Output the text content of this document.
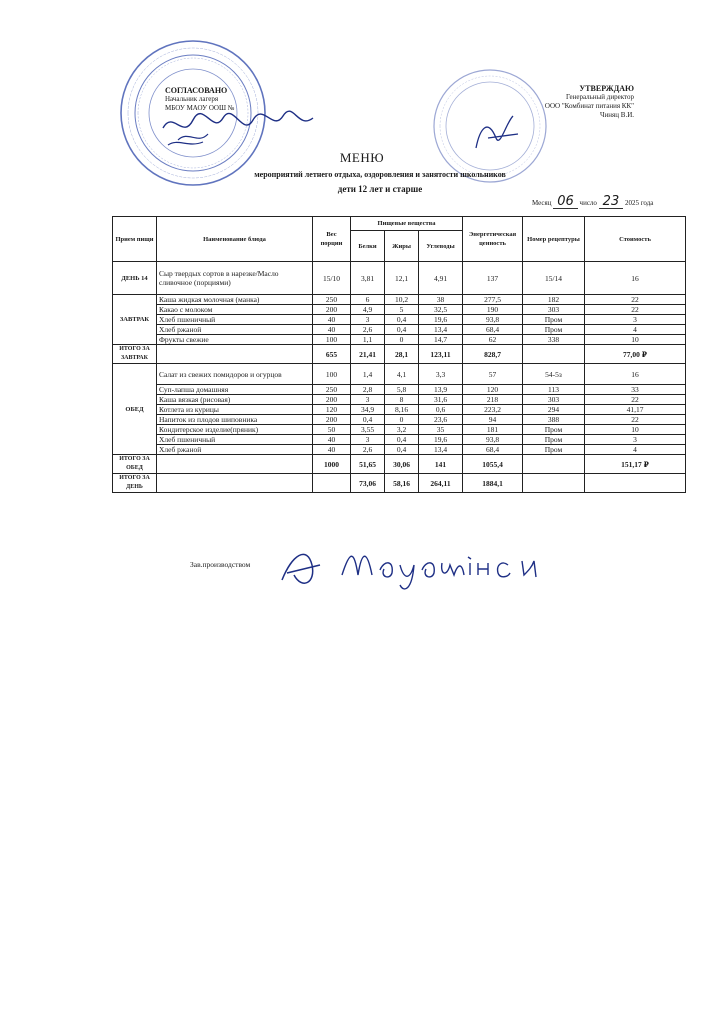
СОГЛАСОВАНО
Начальник лагеря
МБОУ МАОУ ООШ №
УТВЕРЖДАЮ
Генеральный директор
ООО "Комбинат питания КК"
Чиняц В.И.
МЕНЮ
мероприятий летнего отдыха, оздоровления и занятости школьников
дети 12 лет и старше
Месяц 06 число 23 2025 года
Прием пищи	Наименование блюда	Вес порции	Пищевые вещества			Энергетическая ценность	Номер рецептуры	Стоимость
			Белки	Жиры	Углеводы			
ДЕНЬ 14	Сыр твердых сортов в нарезке/Масло сливочное (порциями)	15/10	3,81	12,1	4,91	137	15/14	16
ЗАВТРАК	Каша жидкая молочная (манка)	250	6	10,2	38	277,5	182	22
	Какао с молоком	200	4,9	5	32,5	190	303	22
	Хлеб пшеничный	40	3	0,4	19,6	93,8	Пром	3
	Хлеб ржаной	40	2,6	0,4	13,4	68,4	Пром	4
	Фрукты свежие	100	1,1	0	14,7	62	338	10
ИТОГО ЗА ЗАВТРАК		655	21,41	28,1	123,11	828,7		77,00 ₽
ОБЕД	Салат из свежих помидоров и огурцов	100	1,4	4,1	3,3	57	54-5з	16
	Суп-лапша домашняя	250	2,8	5,8	13,9	120	113	33
	Каша вязкая (рисовая)	200	3	8	31,6	218	303	22
	Котлета из курицы	120	34,9	8,16	0,6	223,2	294	41,17
	Напиток из плодов шиповника	200	0,4	0	23,6	94	388	22
	Кондитерское изделие(пряник)	50	3,55	3,2	35	181	Пром	10
	Хлеб пшеничный	40	3	0,4	19,6	93,8	Пром	3
	Хлеб ржаной	40	2,6	0,4	13,4	68,4	Пром	4
ИТОГО ЗА ОБЕД		1000	51,65	30,06	141	1055,4		151,17 ₽
ИТОГО ЗА ДЕНЬ			73,06	58,16	264,11	1884,1		
Зав.производством
